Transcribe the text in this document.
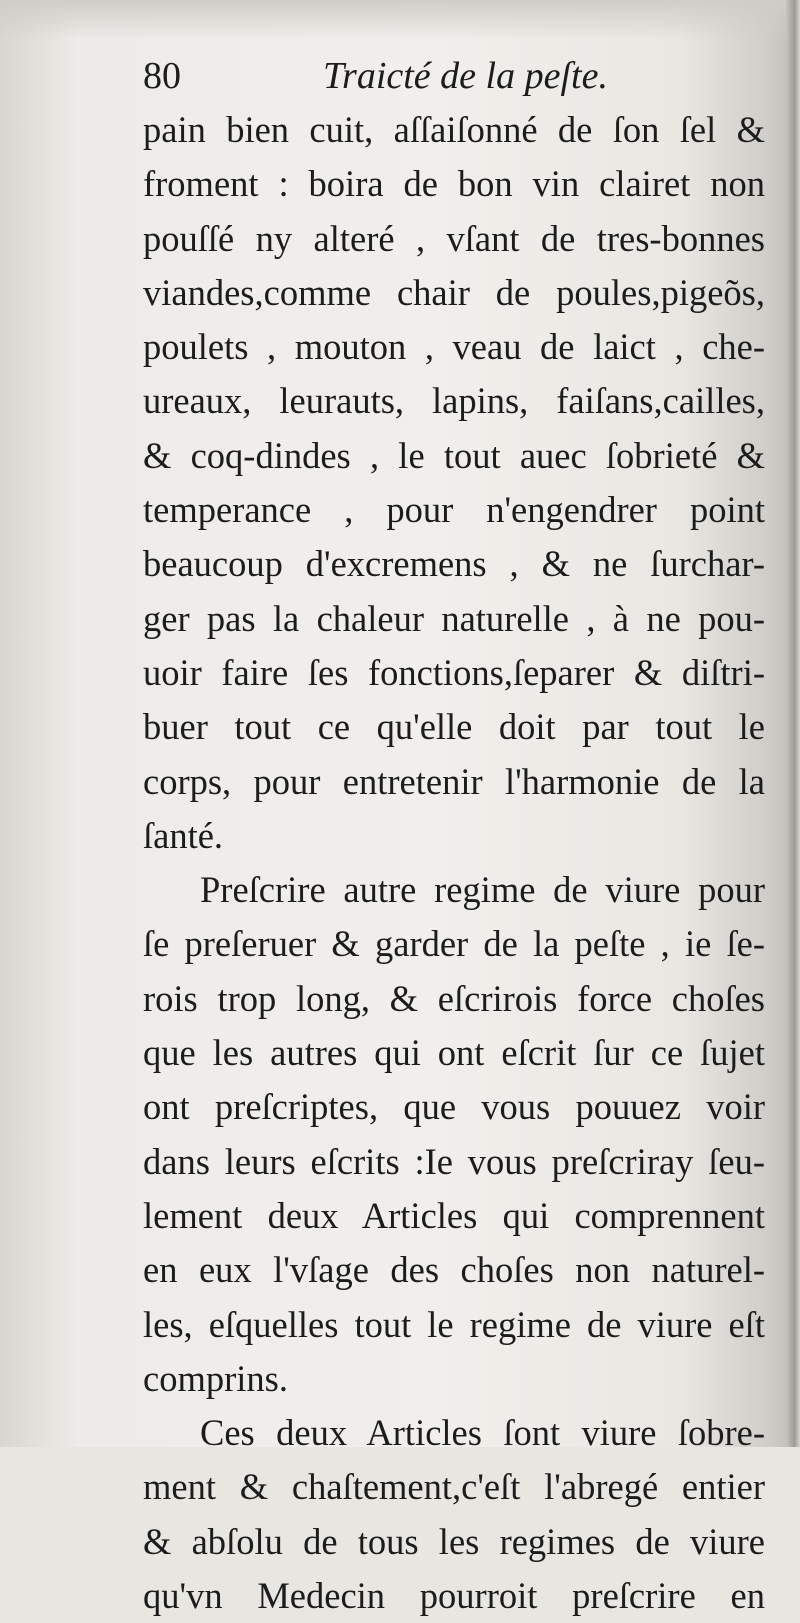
80	Traicté de la peſte.
pain bien cuit, aſſaiſonné de ſon ſel &
froment : boira de bon vin clairet non
pouſſé ny alteré , vſant de tres-bonnes
viandes,comme chair de poules,pigeõs,
poulets , mouton , veau de laict , che-
ureaux, leurauts, lapins, faiſans,cailles,
& coq-dindes , le tout auec ſobrieté &
temperance , pour n'engendrer point
beaucoup d'excremens , & ne ſurchar-
ger pas la chaleur naturelle , à ne pou-
uoir faire ſes fonctions,ſeparer & diſtri-
buer tout ce qu'elle doit par tout le
corps, pour entretenir l'harmonie de la
ſanté.
Preſcrire autre regime de viure pour
ſe preſeruer & garder de la peſte , ie ſe-
rois trop long, & eſcrirois force choſes
que les autres qui ont eſcrit ſur ce ſujet
ont preſcriptes, que vous pouuez voir
dans leurs eſcrits :Ie vous preſcriray ſeu-
lement deux Articles qui comprennent
en eux l'vſage des choſes non naturel-
les, eſquelles tout le regime de viure eſt
comprins.
Ces deux Articles ſont viure ſobre-
ment & chaſtement,c'eſt l'abregé entier
& abſolu de tous les regimes de viure
qu'vn Medecin pourroit preſcrire en
